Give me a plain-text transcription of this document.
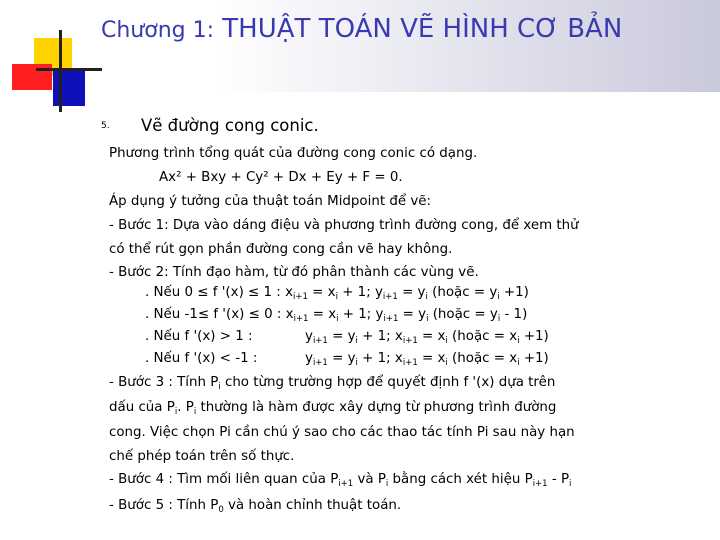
Chương 1: THUẬT TOÁN VẼ HÌNH CƠ BẢN
5. Vẽ đường cong conic.
Phương trình tổng quát của đường cong conic có dạng.
Ax² + Bxy + Cy² + Dx + Ey + F = 0.
Áp dụng ý tưởng của thuật toán Midpoint để vẽ:
- Bước 1: Dựa vào dáng điệu và phương trình đường cong, để xem thử
có thể rút gọn phần đường cong cần vẽ hay không.
- Bước 2: Tính đạo hàm, từ đó phân thành các vùng vẽ.
. Nếu 0 ≤ f '(x) ≤ 1 : $x_{i+1} = x_i + 1$; $y_{i+1} = y_i$ (hoặc = $y_i +1$)
. Nếu -1≤ f '(x) ≤ 0 : $x_{i+1} = x_i + 1$; $y_{i+1} = y_i$ (hoặc = $y_i - 1$)
. Nếu f '(x) > 1 :	$y_{i+1} = y_i + 1$; $x_{i+1} = x_i$ (hoặc = $x_i +1$)
. Nếu f '(x) < -1 :	$y_{i+1} = y_i + 1$; $x_{i+1} = x_i$ (hoặc = $x_i +1$)
- Bước 3 : Tính $P_i$ cho từng trường hợp để quyết định f '(x) dựa trên
dấu của $P_i$. $P_i$ thường là hàm được xây dựng từ phương trình đường
cong. Việc chọn Pi cần chú ý sao cho các thao tác tính Pi sau này hạn
chế phép toán trên số thực.
- Bước 4 : Tìm mối liên quan của $P_{i+1}$ và $P_i$ bằng cách xét hiệu $P_{i+1} - P_i$
- Bước 5 : Tính $P_0$ và hoàn chỉnh thuật toán.
